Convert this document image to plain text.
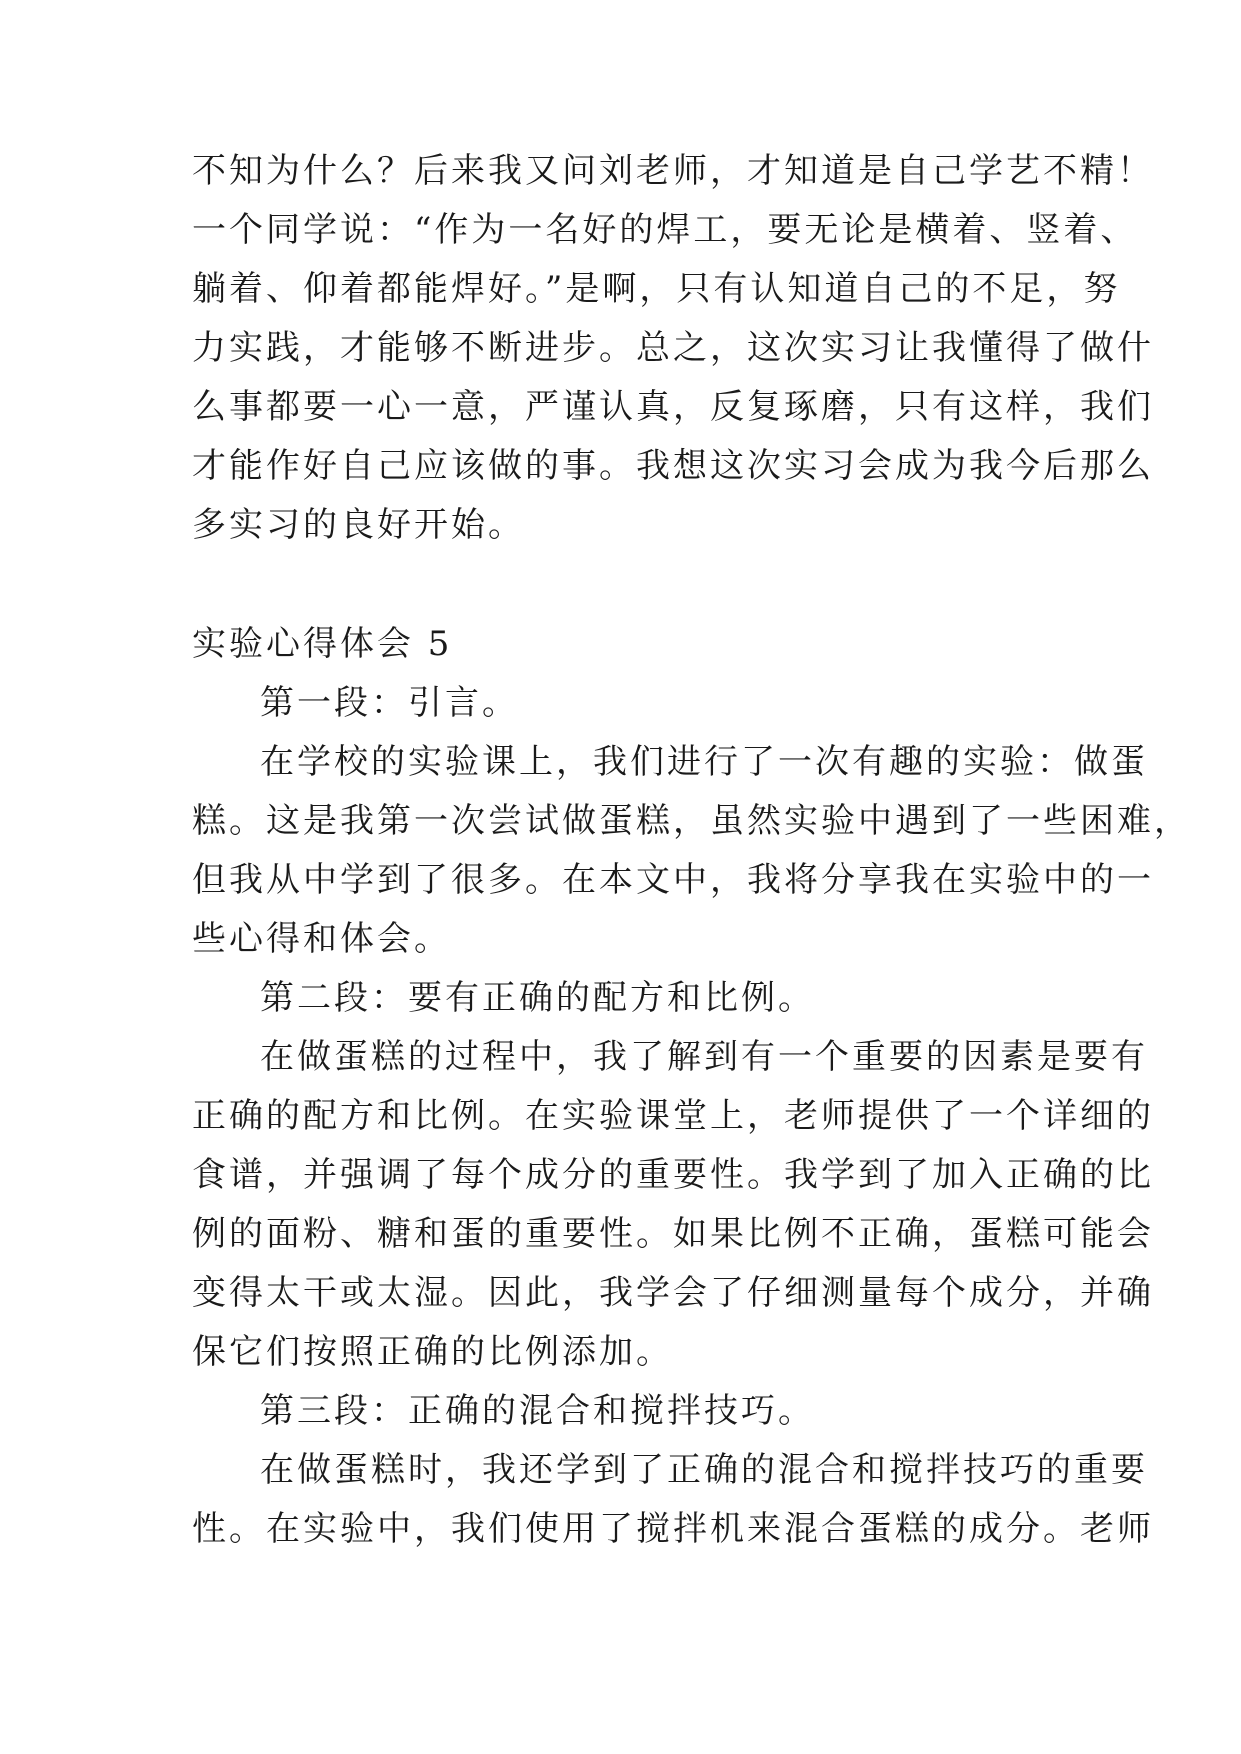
不知为什么？后来我又问刘老师，才知道是自己学艺不精！
一个同学说：“作为一名好的焊工，要无论是横着、竖着、
躺着、仰着都能焊好。”是啊，只有认知道自己的不足，努
力实践，才能够不断进步。总之，这次实习让我懂得了做什
么事都要一心一意，严谨认真，反复琢磨，只有这样，我们
才能作好自己应该做的事。我想这次实习会成为我今后那么
多实习的良好开始。
实验心得体会 5
第一段：引言。
在学校的实验课上，我们进行了一次有趣的实验：做蛋
糕。这是我第一次尝试做蛋糕，虽然实验中遇到了一些困难，
但我从中学到了很多。在本文中，我将分享我在实验中的一
些心得和体会。
第二段：要有正确的配方和比例。
在做蛋糕的过程中，我了解到有一个重要的因素是要有
正确的配方和比例。在实验课堂上，老师提供了一个详细的
食谱，并强调了每个成分的重要性。我学到了加入正确的比
例的面粉、糖和蛋的重要性。如果比例不正确，蛋糕可能会
变得太干或太湿。因此，我学会了仔细测量每个成分，并确
保它们按照正确的比例添加。
第三段：正确的混合和搅拌技巧。
在做蛋糕时，我还学到了正确的混合和搅拌技巧的重要
性。在实验中，我们使用了搅拌机来混合蛋糕的成分。老师
